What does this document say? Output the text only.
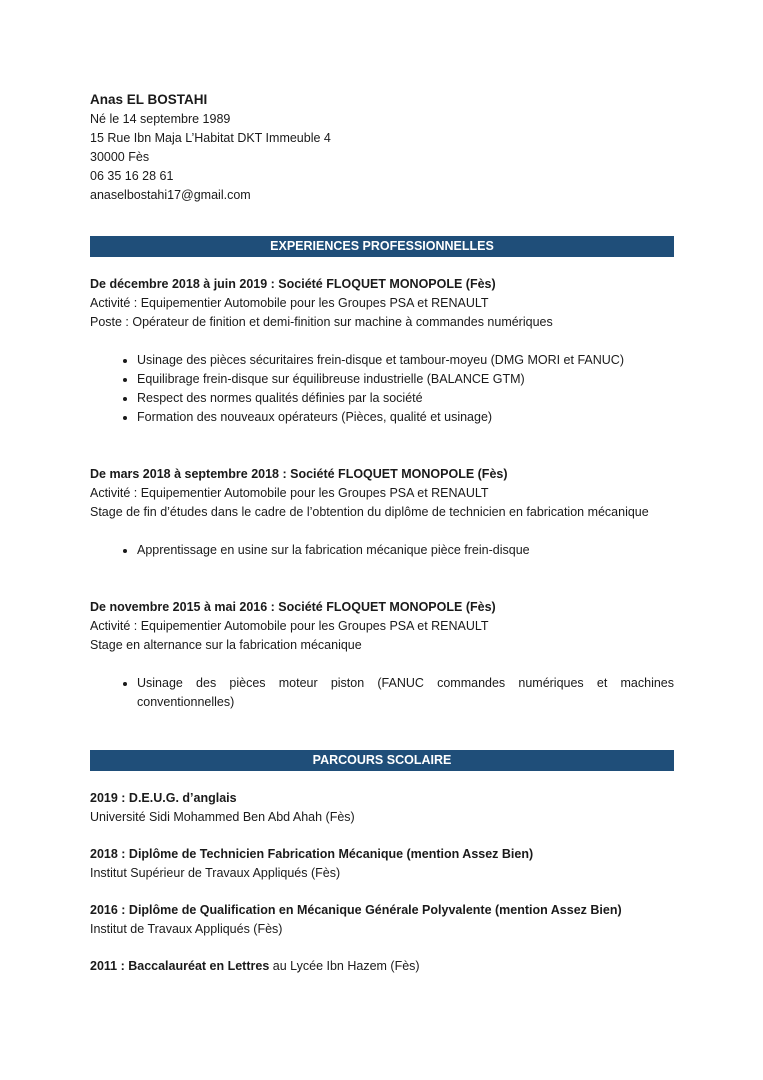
Anas EL BOSTAHI

Né le 14 septembre 1989

15 Rue Ibn Maja L’Habitat DKT Immeuble 4

30000 Fès

06 35 16 28 61

anaselbostahi17@gmail.com

EXPERIENCES PROFESSIONNELLES

De décembre 2018 à juin 2019 : Société FLOQUET MONOPOLE (Fès)

Activité : Equipementier Automobile pour les Groupes PSA et RENAULT

Poste : Opérateur de finition et demi-finition sur machine à commandes numériques

• Usinage des pièces sécuritaires frein-disque et tambour-moyeu (DMG MORI et FANUC)
• Equilibrage frein-disque sur équilibreuse industrielle (BALANCE GTM)
• Respect des normes qualités définies par la société
• Formation des nouveaux opérateurs (Pièces, qualité et usinage)

De mars 2018 à septembre 2018 : Société FLOQUET MONOPOLE (Fès)

Activité : Equipementier Automobile pour les Groupes PSA et RENAULT

Stage de fin d’études dans le cadre de l’obtention du diplôme de technicien en fabrication mécanique

• Apprentissage en usine sur la fabrication mécanique pièce frein-disque

De novembre 2015 à mai 2016 : Société FLOQUET MONOPOLE (Fès)

Activité : Equipementier Automobile pour les Groupes PSA et RENAULT

Stage en alternance sur la fabrication mécanique

• Usinage des pièces moteur piston (FANUC commandes numériques et machines conventionnelles)
PARCOURS SCOLAIRE

2019 : D.E.U.G. d’anglais

Université Sidi Mohammed Ben Abd Ahah (Fès)

2018 : Diplôme de Technicien Fabrication Mécanique (mention Assez Bien)

Institut Supérieur de Travaux Appliqués (Fès)

2016 : Diplôme de Qualification en Mécanique Générale Polyvalente (mention Assez Bien)

Institut de Travaux Appliqués (Fès)

2011 : Baccalauréat en Lettres au Lycée Ibn Hazem (Fès)
